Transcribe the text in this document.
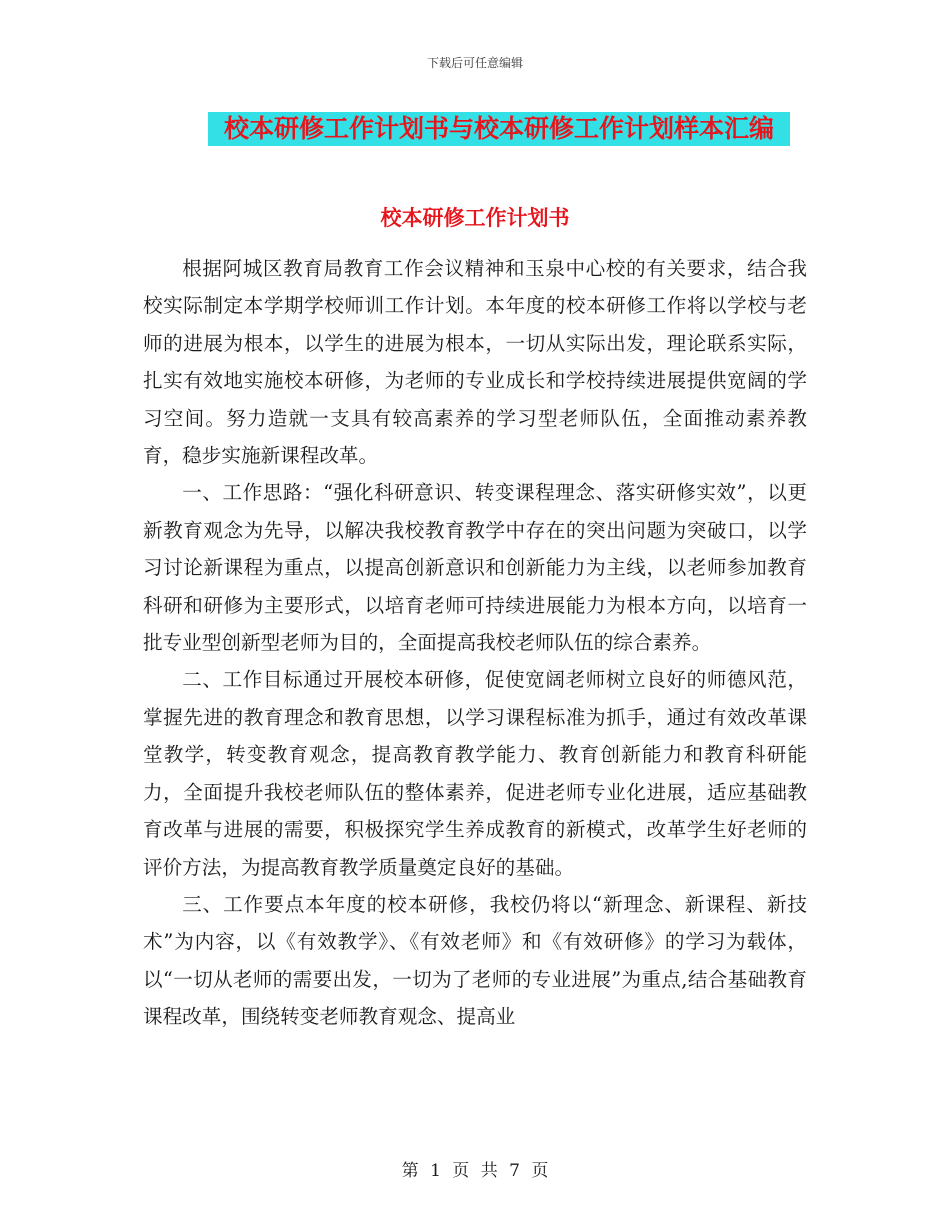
下载后可任意编辑
校本研修工作计划书与校本研修工作计划样本汇编
校本研修工作计划书

根据阿城区教育局教育工作会议精神和玉泉中心校的有关要求，结合我校实际制定本学期学校师训工作计划。本年度的校本研修工作将以学校与老师的进展为根本，以学生的进展为根本，一切从实际出发，理论联系实际，扎实有效地实施校本研修，为老师的专业成长和学校持续进展提供宽阔的学习空间。努力造就一支具有较高素养的学习型老师队伍，全面推动素养教育，稳步实施新课程改革。

一、工作思路：“强化科研意识、转变课程理念、落实研修实效”，以更新教育观念为先导，以解决我校教育教学中存在的突出问题为突破口，以学习讨论新课程为重点，以提高创新意识和创新能力为主线，以老师参加教育科研和研修为主要形式，以培育老师可持续进展能力为根本方向，以培育一批专业型创新型老师为目的，全面提高我校老师队伍的综合素养。

二、工作目标通过开展校本研修，促使宽阔老师树立良好的师德风范，掌握先进的教育理念和教育思想，以学习课程标准为抓手，通过有效改革课堂教学，转变教育观念，提高教育教学能力、教育创新能力和教育科研能力，全面提升我校老师队伍的整体素养，促进老师专业化进展，适应基础教育改革与进展的需要，积极探究学生养成教育的新模式，改革学生好老师的评价方法，为提高教育教学质量奠定良好的基础。

三、工作要点本年度的校本研修，我校仍将以“新理念、新课程、新技术”为内容，以《有效教学》、《有效老师》和《有效研修》的学习为载体，以“一切从老师的需要出发，一切为了老师的专业进展”为重点,结合基础教育课程改革，围绕转变老师教育观念、提高业

第 1 页 共 7 页
